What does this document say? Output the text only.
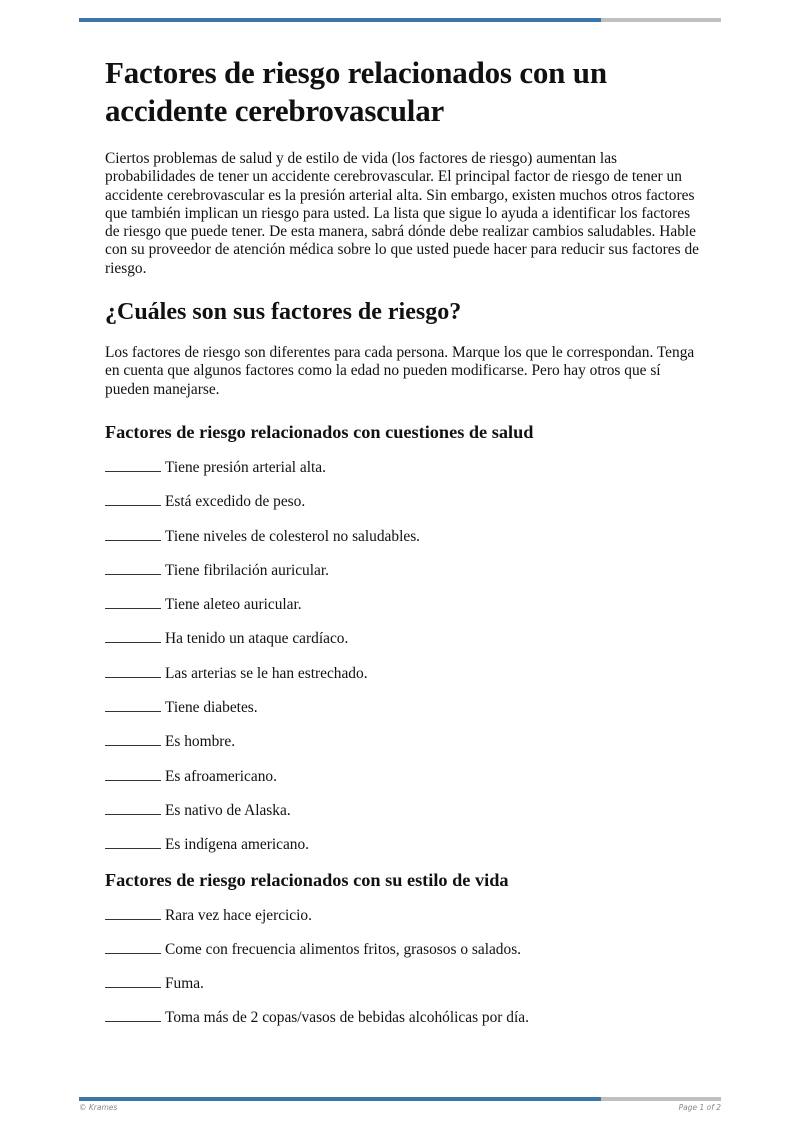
Factores de riesgo relacionados con un accidente cerebrovascular

Ciertos problemas de salud y de estilo de vida (los factores de riesgo) aumentan las probabilidades de tener un accidente cerebrovascular. El principal factor de riesgo de tener un accidente cerebrovascular es la presión arterial alta. Sin embargo, existen muchos otros factores que también implican un riesgo para usted. La lista que sigue lo ayuda a identificar los factores de riesgo que puede tener. De esta manera, sabrá dónde debe realizar cambios saludables. Hable con su proveedor de atención médica sobre lo que usted puede hacer para reducir sus factores de riesgo.

¿Cuáles son sus factores de riesgo?

Los factores de riesgo son diferentes para cada persona. Marque los que le correspondan. Tenga en cuenta que algunos factores como la edad no pueden modificarse. Pero hay otros que sí pueden manejarse.

Factores de riesgo relacionados con cuestiones de salud
Tiene presión arterial alta.
Está excedido de peso.
Tiene niveles de colesterol no saludables.
Tiene fibrilación auricular.
Tiene aleteo auricular.
Ha tenido un ataque cardíaco.
Las arterias se le han estrechado.
Tiene diabetes.
Es hombre.
Es afroamericano.
Es nativo de Alaska.
Es indígena americano.
Factores de riesgo relacionados con su estilo de vida
Rara vez hace ejercicio.
Come con frecuencia alimentos fritos, grasosos o salados.
Fuma.
Toma más de 2 copas/vasos de bebidas alcohólicas por día.
© Krames	Page 1 of 2
